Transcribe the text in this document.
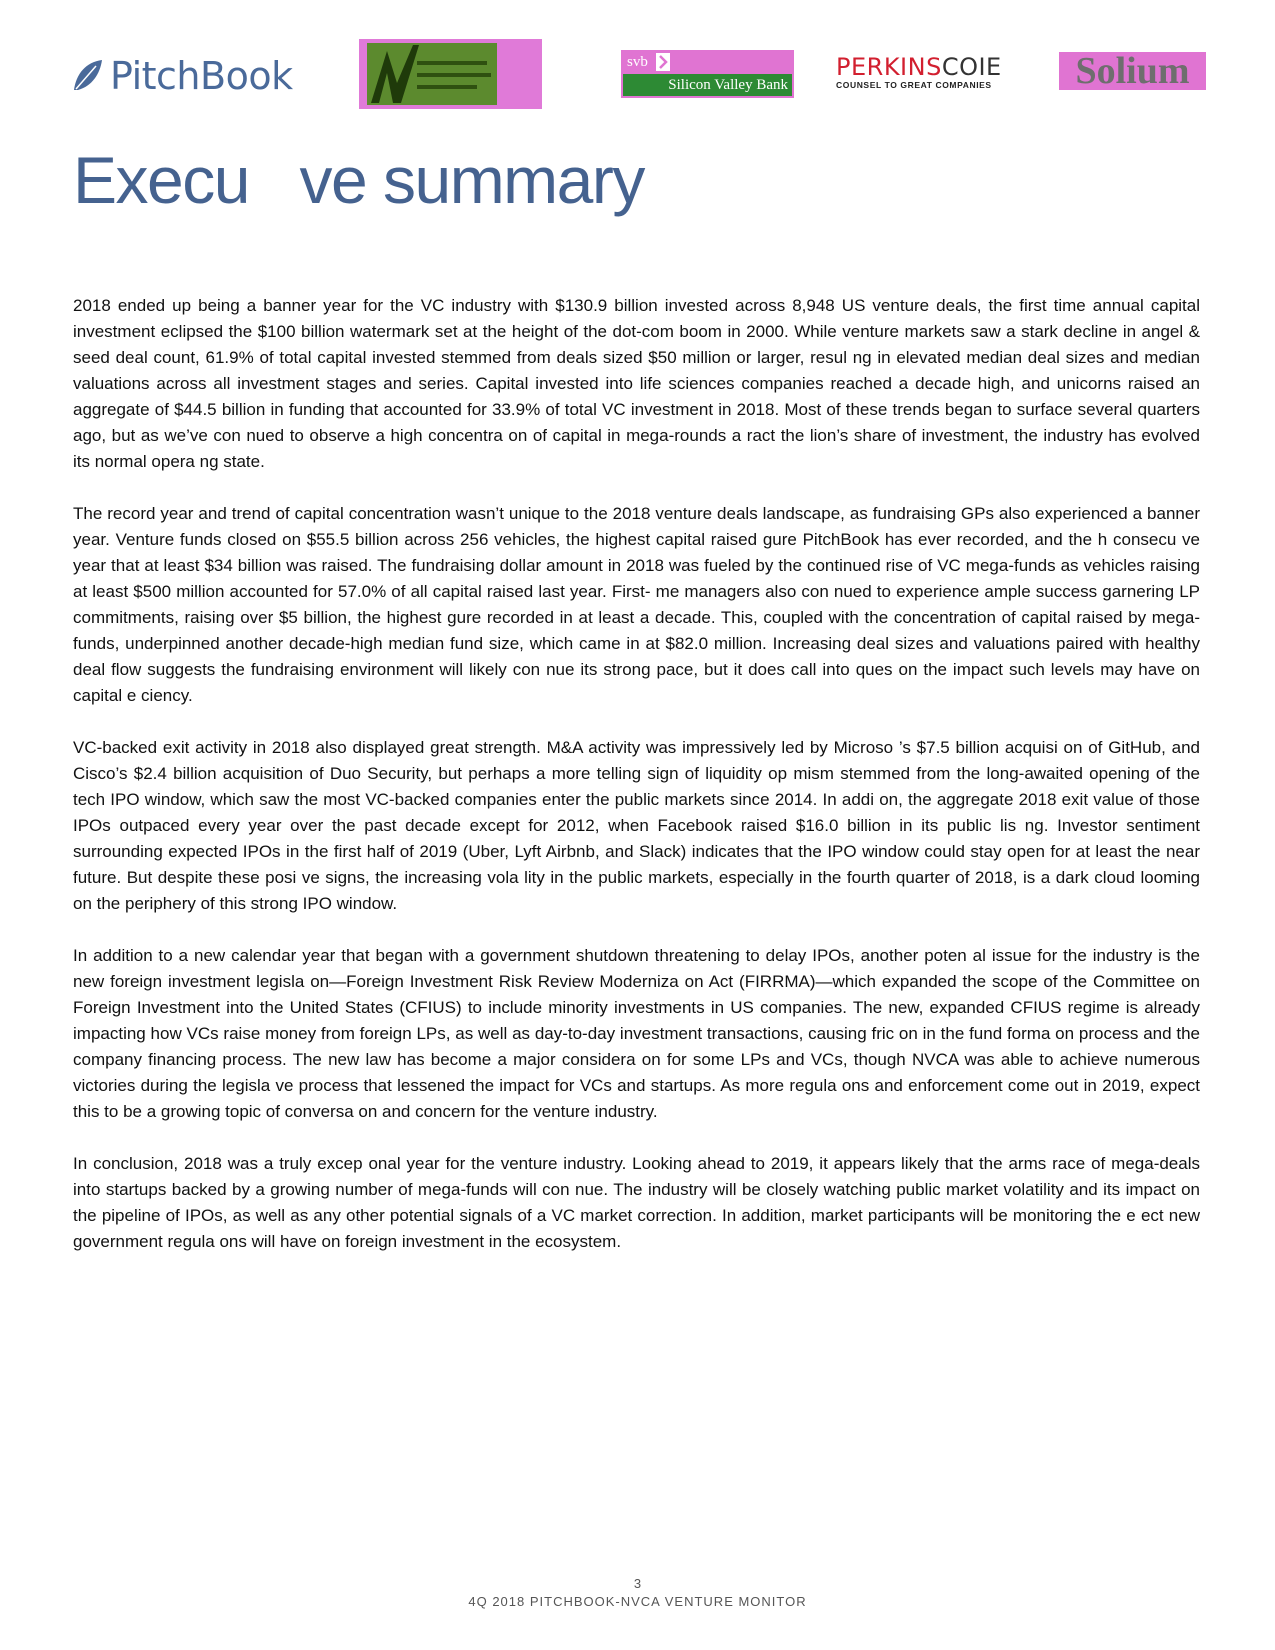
PitchBook	svb
Silicon Valley Bank
PERKINSCOIE
COUNSEL TO GREAT COMPANIES	Solium
Execu   ve summary

2018 ended up being a banner year for the VC industry with $130.9 billion invested across 8,948 US venture deals, the first time annual capital investment eclipsed the $100 billion watermark set at the height of the dot-com boom in 2000. While venture markets saw a stark decline in angel & seed deal count, 61.9% of total capital invested stemmed from deals sized $50 million or larger, resul ng in elevated median deal sizes and median valuations across all investment stages and series. Capital invested into life sciences companies reached a decade high, and unicorns raised an aggregate of $44.5 billion in funding that accounted for 33.9% of total VC investment in 2018. Most of these trends began to surface several quarters ago, but as we’ve con nued to observe a high concentra on of capital in mega-rounds a ract the lion’s share of investment, the industry has evolved its normal opera ng state.

The record year and trend of capital concentration wasn’t unique to the 2018 venture deals landscape, as fundraising GPs also experienced a banner year. Venture funds closed on $55.5 billion across 256 vehicles, the highest capital raised gure PitchBook has ever recorded, and the h consecu ve year that at least $34 billion was raised. The fundraising dollar amount in 2018 was fueled by the continued rise of VC mega-funds as vehicles raising at least $500 million accounted for 57.0% of all capital raised last year. First- me managers also con nued to experience ample success garnering LP commitments, raising over $5 billion, the highest gure recorded in at least a decade. This, coupled with the concentration of capital raised by mega-funds, underpinned another decade-high median fund size, which came in at $82.0 million. Increasing deal sizes and valuations paired with healthy deal flow suggests the fundraising environment will likely con nue its strong pace, but it does call into ques on the impact such levels may have on capital e ciency.

VC-backed exit activity in 2018 also displayed great strength. M&A activity was impressively led by Microso ’s $7.5 billion acquisi on of GitHub, and Cisco’s $2.4 billion acquisition of Duo Security, but perhaps a more telling sign of liquidity op mism stemmed from the long-awaited opening of the tech IPO window, which saw the most VC-backed companies enter the public markets since 2014. In addi on, the aggregate 2018 exit value of those IPOs outpaced every year over the past decade except for 2012, when Facebook raised $16.0 billion in its public lis ng. Investor sentiment surrounding expected IPOs in the first half of 2019 (Uber, Lyft Airbnb, and Slack) indicates that the IPO window could stay open for at least the near future. But despite these posi ve signs, the increasing vola lity in the public markets, especially in the fourth quarter of 2018, is a dark cloud looming on the periphery of this strong IPO window.

In addition to a new calendar year that began with a government shutdown threatening to delay IPOs, another poten al issue for the industry is the new foreign investment legisla on—Foreign Investment Risk Review Moderniza on Act (FIRRMA)—which expanded the scope of the Committee on Foreign Investment into the United States (CFIUS) to include minority investments in US companies. The new, expanded CFIUS regime is already impacting how VCs raise money from foreign LPs, as well as day-to-day investment transactions, causing fric on in the fund forma on process and the company financing process. The new law has become a major considera on for some LPs and VCs, though NVCA was able to achieve numerous victories during the legisla ve process that lessened the impact for VCs and startups. As more regula ons and enforcement come out in 2019, expect this to be a growing topic of conversa on and concern for the venture industry.

In conclusion, 2018 was a truly excep onal year for the venture industry. Looking ahead to 2019, it appears likely that the arms race of mega-deals into startups backed by a growing number of mega-funds will con nue. The industry will be closely watching public market volatility and its impact on the pipeline of IPOs, as well as any other potential signals of a VC market correction. In addition, market participants will be monitoring the e ect new government regula ons will have on foreign investment in the ecosystem.

3
4Q 2018 PITCHBOOK-NVCA VENTURE MONITOR
